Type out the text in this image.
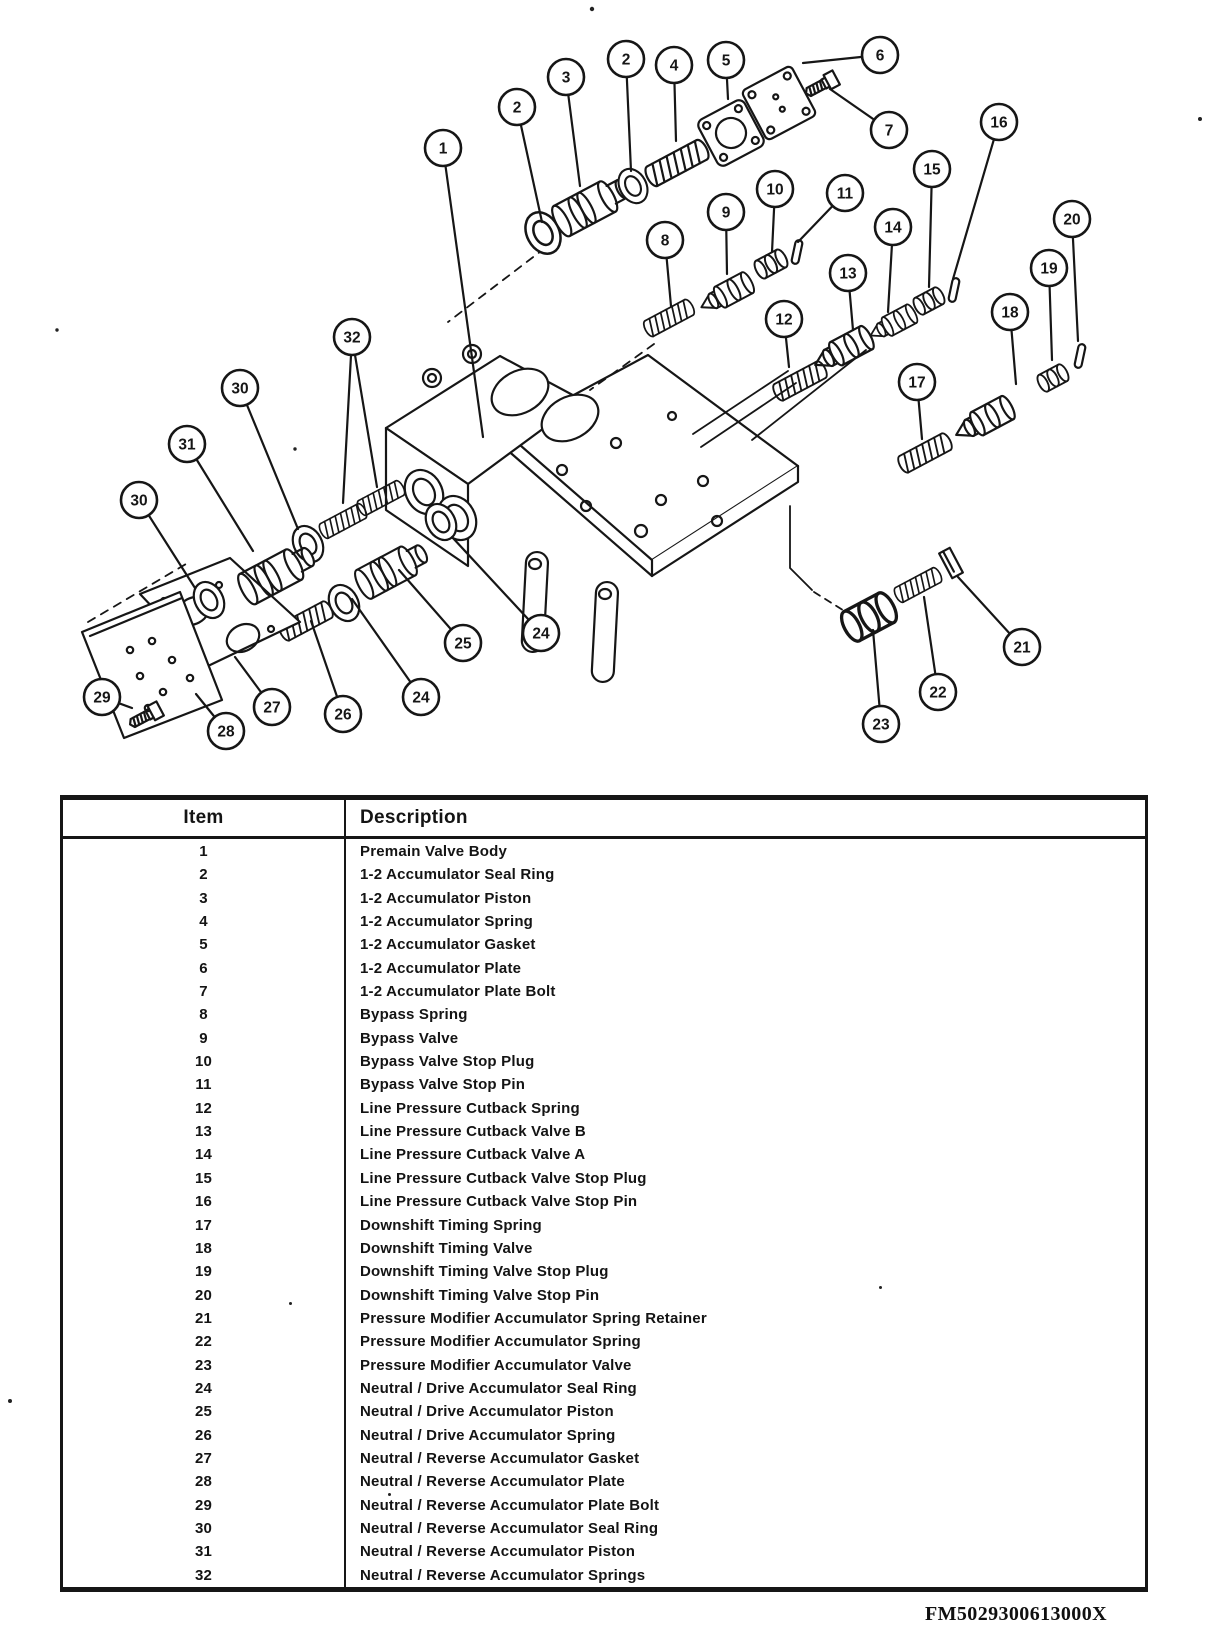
1
2
3
2	4	5	6
7
8
9
10	11
12
13
14
15
16
17
18
19
20
21
22
23
24
25
24
26
27
28
29
30
31
30
32
Item	Description
1	Premain Valve Body
2	1-2 Accumulator Seal Ring
3	1-2 Accumulator Piston
4	1-2 Accumulator Spring
5	1-2 Accumulator Gasket
6	1-2 Accumulator Plate
7	1-2 Accumulator Plate Bolt
8	Bypass Spring
9	Bypass Valve
10	Bypass Valve Stop Plug
11	Bypass Valve Stop Pin
12	Line Pressure Cutback Spring
13	Line Pressure Cutback Valve B
14	Line Pressure Cutback Valve A
15	Line Pressure Cutback Valve Stop Plug
16	Line Pressure Cutback Valve Stop Pin
17	Downshift Timing Spring
18	Downshift Timing Valve
19	Downshift Timing Valve Stop Plug
20	Downshift Timing Valve Stop Pin
21	Pressure Modifier Accumulator Spring Retainer
22	Pressure Modifier Accumulator Spring
23	Pressure Modifier Accumulator Valve
24	Neutral / Drive Accumulator Seal Ring
25	Neutral / Drive Accumulator Piston
26	Neutral / Drive Accumulator Spring
27	Neutral / Reverse Accumulator Gasket
28	Neutral / Reverse Accumulator Plate
29	Neutral / Reverse Accumulator Plate Bolt
30	Neutral / Reverse Accumulator Seal Ring
31	Neutral / Reverse Accumulator Piston
32	Neutral / Reverse Accumulator Springs
FM5029300613000X
